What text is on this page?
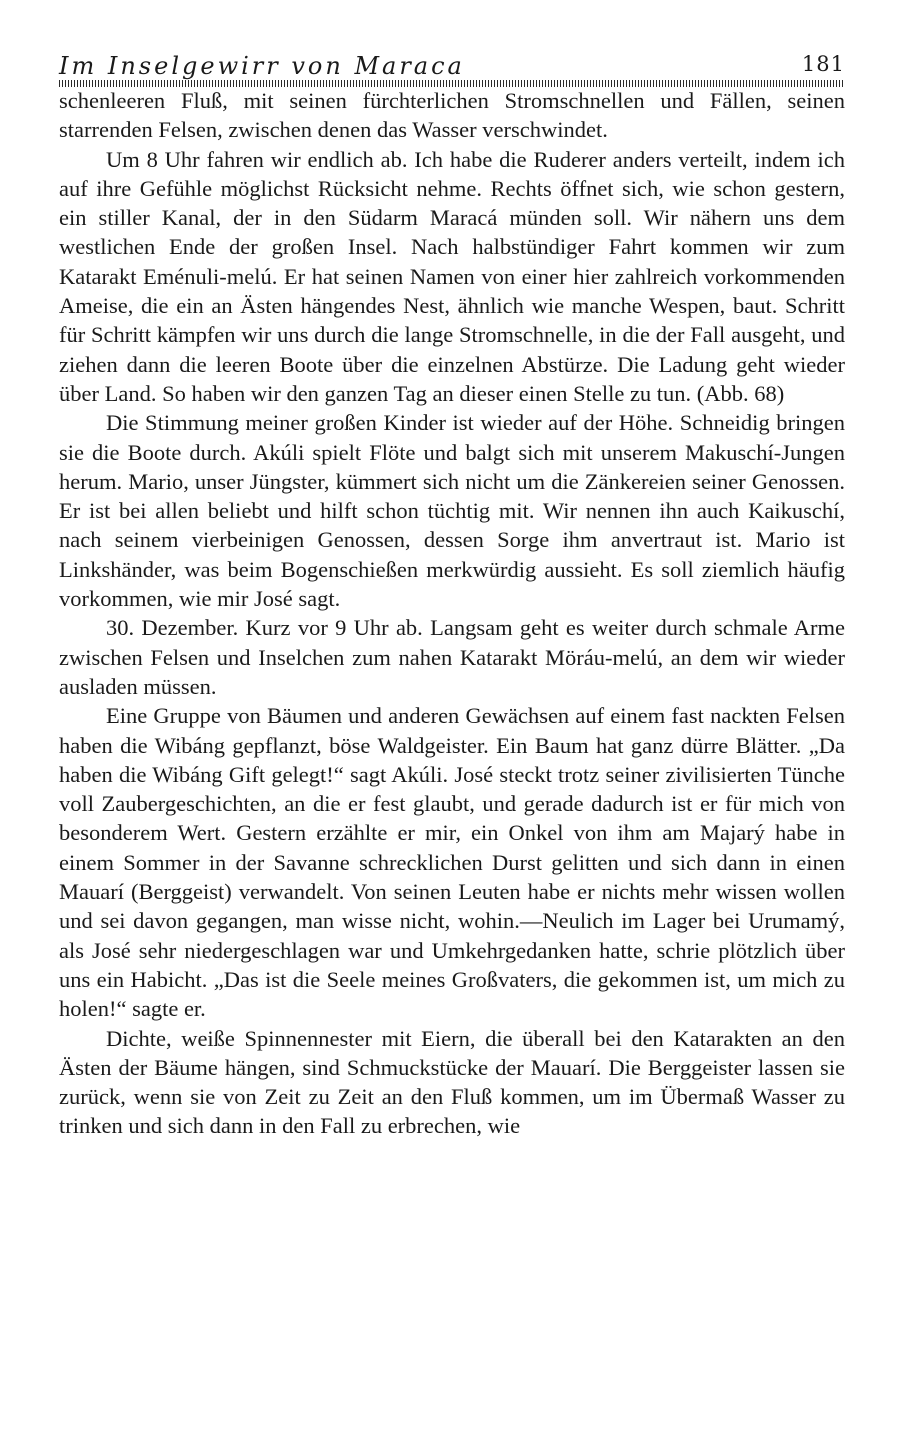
Im Inselgewirr von Maraca	181

schenleeren Fluß, mit seinen fürchterlichen Stromschnellen und Fällen, seinen starrenden Felsen, zwischen denen das Wasser verschwindet.

Um 8 Uhr fahren wir endlich ab. Ich habe die Ruderer anders verteilt, indem ich auf ihre Gefühle möglichst Rücksicht nehme. Rechts öffnet sich, wie schon gestern, ein stiller Kanal, der in den Südarm Maracá münden soll. Wir nähern uns dem westlichen Ende der großen Insel. Nach halbstündiger Fahrt kommen wir zum Katarakt Eménuli-melú. Er hat seinen Namen von einer hier zahlreich vorkommenden Ameise, die ein an Ästen hängendes Nest, ähnlich wie manche Wespen, baut. Schritt für Schritt kämpfen wir uns durch die lange Stromschnelle, in die der Fall ausgeht, und ziehen dann die leeren Boote über die einzelnen Abstürze. Die Ladung geht wieder über Land. So haben wir den ganzen Tag an dieser einen Stelle zu tun. (Abb. 68)

Die Stimmung meiner großen Kinder ist wieder auf der Höhe. Schneidig bringen sie die Boote durch. Akúli spielt Flöte und balgt sich mit unserem Makuschí-Jungen herum. Mario, unser Jüngster, kümmert sich nicht um die Zänkereien seiner Genossen. Er ist bei allen beliebt und hilft schon tüchtig mit. Wir nennen ihn auch Kaikuschí, nach seinem vierbeinigen Genossen, dessen Sorge ihm anvertraut ist. Mario ist Linkshänder, was beim Bogenschießen merkwürdig aussieht. Es soll ziemlich häufig vorkommen, wie mir José sagt.

30. Dezember. Kurz vor 9 Uhr ab. Langsam geht es weiter durch schmale Arme zwischen Felsen und Inselchen zum nahen Katarakt Möráu-melú, an dem wir wieder ausladen müssen.

Eine Gruppe von Bäumen und anderen Gewächsen auf einem fast nackten Felsen haben die Wibáng gepflanzt, böse Waldgeister. Ein Baum hat ganz dürre Blätter. „Da haben die Wibáng Gift gelegt!“ sagt Akúli. José steckt trotz seiner zivilisierten Tünche voll Zaubergeschichten, an die er fest glaubt, und gerade dadurch ist er für mich von besonderem Wert. Gestern erzählte er mir, ein Onkel von ihm am Majarý habe in einem Sommer in der Savanne schrecklichen Durst gelitten und sich dann in einen Mauarí (Berggeist) verwandelt. Von seinen Leuten habe er nichts mehr wissen wollen und sei davon gegangen, man wisse nicht, wohin.—Neulich im Lager bei Urumamý, als José sehr niedergeschlagen war und Umkehrgedanken hatte, schrie plötzlich über uns ein Habicht. „Das ist die Seele meines Großvaters, die gekommen ist, um mich zu holen!“ sagte er.

Dichte, weiße Spinnennester mit Eiern, die überall bei den Katarakten an den Ästen der Bäume hängen, sind Schmuckstücke der Mauarí. Die Berggeister lassen sie zurück, wenn sie von Zeit zu Zeit an den Fluß kommen, um im Übermaß Wasser zu trinken und sich dann in den Fall zu erbrechen, wie
